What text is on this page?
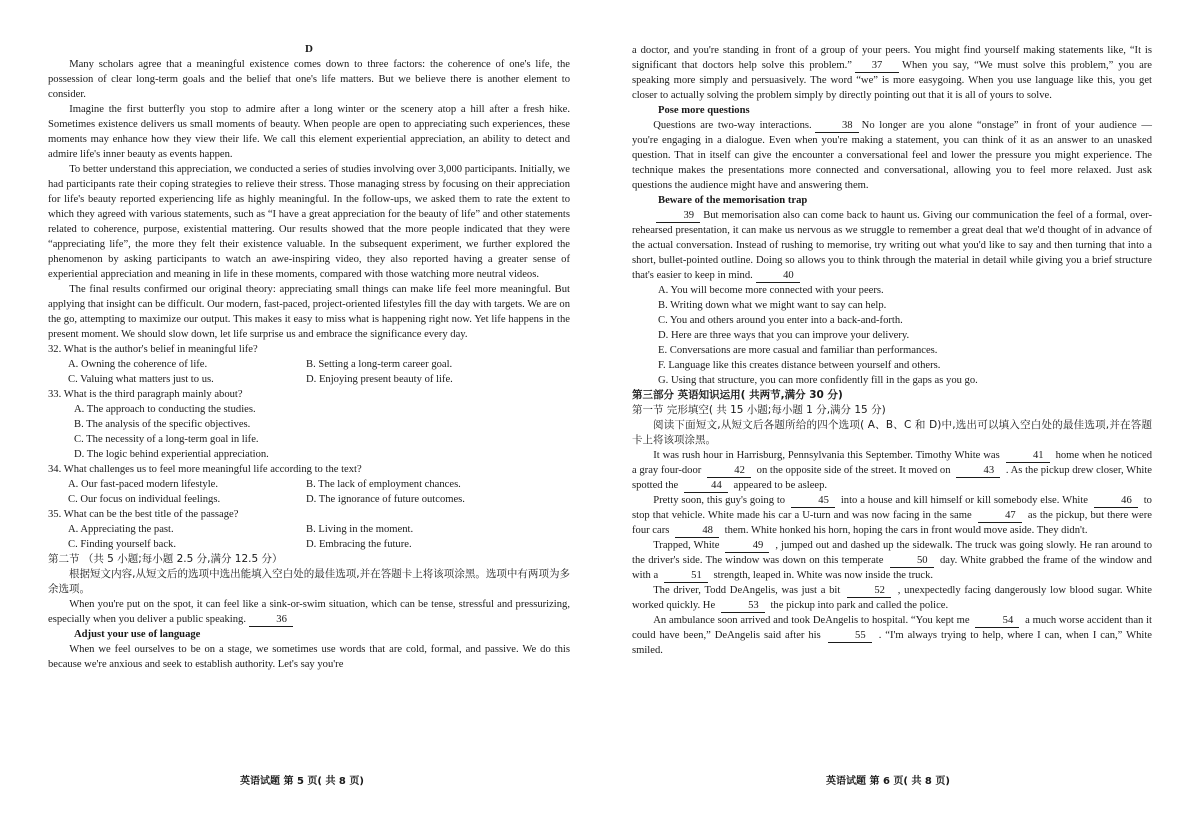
D

Many scholars agree that a meaningful existence comes down to three factors: the coherence of one's life, the possession of clear long-term goals and the belief that one's life matters. But we believe there is another element to consider.

Imagine the first butterfly you stop to admire after a long winter or the scenery atop a hill after a fresh hike. Sometimes existence delivers us small moments of beauty. When people are open to appreciating such experiences, these moments may enhance how they view their life. We call this element experiential appreciation, an ability to detect and admire life's inner beauty as events happen.

To better understand this appreciation, we conducted a series of studies involving over 3,000 participants. Initially, we had participants rate their coping strategies to relieve their stress. Those managing stress by focusing on their appreciation for life's beauty reported experiencing life as highly meaningful. In the follow-ups, we asked them to rate the extent to which they agreed with various statements, such as “I have a great appreciation for the beauty of life” and other statements related to coherence, purpose, existential mattering. Our results showed that the more people indicated that they were “appreciating life”, the more they felt their existence valuable. In the subsequent experiment, we further explored the phenomenon by asking participants to watch an awe-inspiring video, they also reported having a greater sense of experiential appreciation and meaning in life in these moments, compared with those watching more neutral videos.

The final results confirmed our original theory: appreciating small things can make life feel more meaningful. But applying that insight can be difficult. Our modern, fast-paced, project-oriented lifestyles fill the day with targets. We are on the go, attempting to maximize our output. This makes it easy to miss what is happening right now. Yet life happens in the present moment. We should slow down, let life surprise us and embrace the significance every day.

32. What is the author's belief in meaningful life?

A. Owning the coherence of life.	B. Setting a long-term career goal.
C. Valuing what matters just to us.	D. Enjoying present beauty of life.

33. What is the third paragraph mainly about?

A. The approach to conducting the studies.

B. The analysis of the specific objectives.

C. The necessity of a long-term goal in life.

D. The logic behind experiential appreciation.

34. What challenges us to feel more meaningful life according to the text?

A. Our fast-paced modern lifestyle.	B. The lack of employment chances.
C. Our focus on individual feelings.	D. The ignorance of future outcomes.

35. What can be the best title of the passage?

A. Appreciating the past.	B. Living in the moment.
C. Finding yourself back.	D. Embracing the future.

第二节 （共 5 小题;每小题 2.5 分,满分 12.5 分）

根据短文内容,从短文后的选项中选出能填入空白处的最佳选项,并在答题卡上将该项涂黑。选项中有两项为多余选项。

When you're put on the spot, it can feel like a sink-or-swim situation, which can be tense, stressful and pressurizing, especially when you deliver a public speaking.	36

Adjust your use of language

When we feel ourselves to be on a stage, we sometimes use words that are cold, formal, and passive. We do this because we're anxious and seek to establish authority. Let's say you're

a doctor, and you're standing in front of a group of your peers. You might find yourself making statements like, “It is significant that doctors help solve this problem.” 37 When you say, “We must solve this problem,” you are speaking more simply and persuasively. The word “we” is more easygoing. When you use language like this, you get closer to actually solving the problem simply by directly pointing out that it is all of yours to solve.

Pose more questions

Questions are two-way interactions.	38 No longer are you alone “onstage” in front of your audience — you're engaging in a dialogue. Even when you're making a statement, you can think of it as an answer to an unasked question. That in itself can give the encounter a conversational feel and lower the pressure you might experience. The technique makes the presentations more connected and conversational, allowing you to feel more relaxed. Just ask questions the audience might have and answering them.

Beware of the memorisation trap

39 But memorisation also can come back to haunt us. Giving our communication the feel of a formal, over-rehearsed presentation, it can make us nervous as we struggle to remember a great deal that we'd thought of in advance of the actual conversation. Instead of rushing to memorise, try writing out what you'd like to say and then turning that into a short, bullet-pointed outline. Doing so allows you to think through the material in detail while giving you a brief structure that's easier to keep in mind.	40

A. You will become more connected with your peers.

B. Writing down what we might want to say can help.

C. You and others around you enter into a back-and-forth.

D. Here are three ways that you can improve your delivery.

E. Conversations are more casual and familiar than performances.

F. Language like this creates distance between yourself and others.

G. Using that structure, you can more confidently fill in the gaps as you go.

第三部分 英语知识运用( 共两节,满分 30 分)

第一节 完形填空( 共 15 小题;每小题 1 分,满分 15 分)

阅读下面短文,从短文后各题所给的四个选项( A、B、C 和 D)中,选出可以填入空白处的最佳选项,并在答题卡上将该项涂黑。

It was rush hour in Harrisburg, Pennsylvania this September. Timothy White was	41 home when he noticed a gray four-door	42 on the opposite side of the street. It moved on	43 . As the pickup drew closer, White spotted the	44 appeared to be asleep.

Pretty soon, this guy's going to	45 into a house and kill himself or kill somebody else. White	46 to stop that vehicle. White made his car a U-turn and was now facing in the same	47 as the pickup, but there were four cars	48 them. White honked his horn, hoping the cars in front would move aside. They didn't.

Trapped, White	49 , jumped out and dashed up the sidewalk. The truck was going slowly. He ran around to the driver's side. The window was down on this temperate	50 day. White grabbed the frame of the window and with a	51 strength, leaped in. White was now inside the truck.

The driver, Todd DeAngelis, was just a bit	52 , unexpectedly facing dangerously low blood sugar. White worked quickly. He	53 the pickup into park and called the police.

An ambulance soon arrived and took DeAngelis to hospital. “You kept me	54 a much worse accident than it could have been,” DeAngelis said after his	55 . “I'm always trying to help, where I can, when I can,” White smiled.

英语试题 第 5 页( 共 8 页)	英语试题 第 6 页( 共 8 页)
